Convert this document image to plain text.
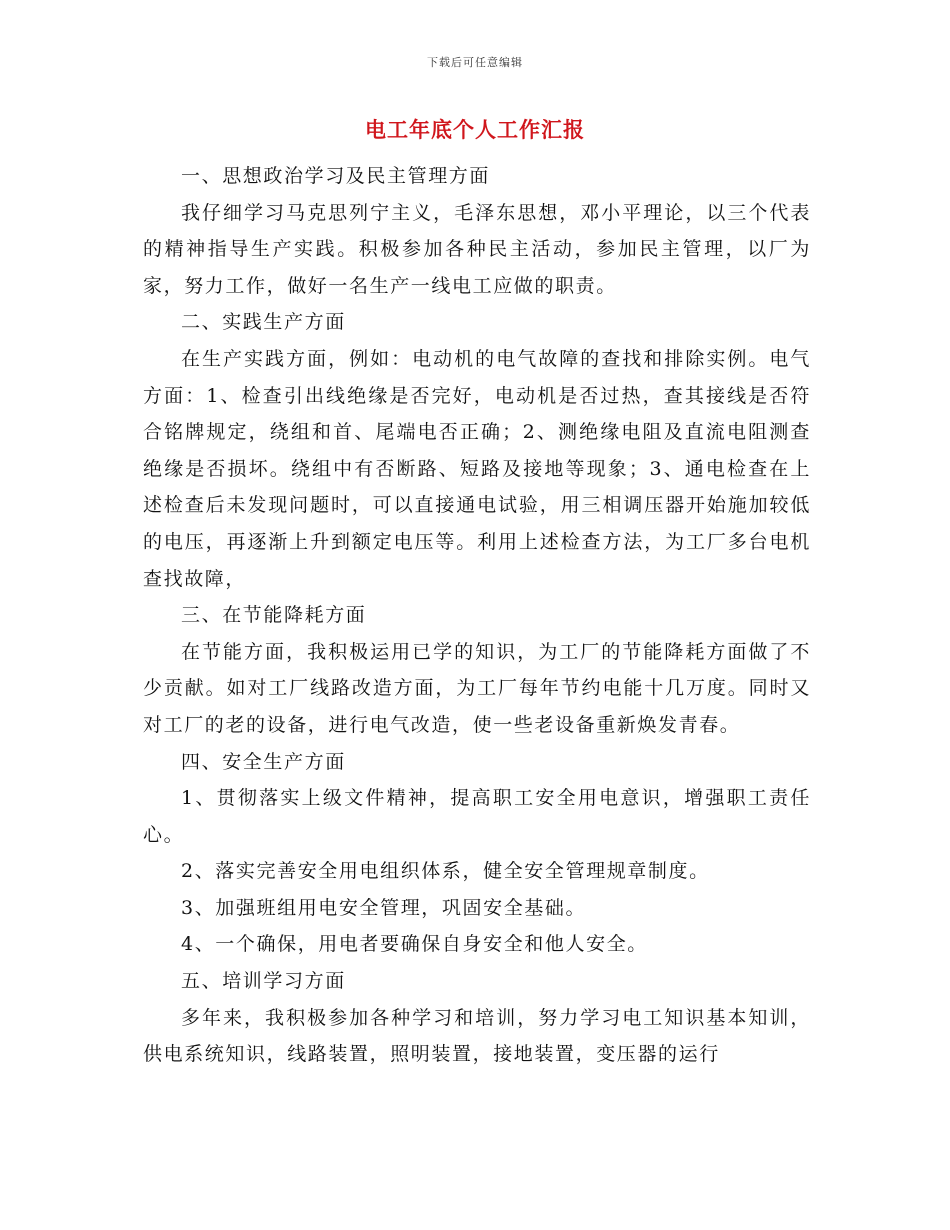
下载后可任意编辑
电工年底个人工作汇报

一、思想政治学习及民主管理方面

我仔细学习马克思列宁主义，毛泽东思想，邓小平理论，以三个代表的精神指导生产实践。积极参加各种民主活动，参加民主管理，以厂为家，努力工作，做好一名生产一线电工应做的职责。

二、实践生产方面

在生产实践方面，例如：电动机的电气故障的查找和排除实例。电气方面：1、检查引出线绝缘是否完好，电动机是否过热，查其接线是否符合铭牌规定，绕组和首、尾端电否正确；2、测绝缘电阻及直流电阻测查绝缘是否损坏。绕组中有否断路、短路及接地等现象；3、通电检查在上述检查后未发现问题时，可以直接通电试验，用三相调压器开始施加较低的电压，再逐渐上升到额定电压等。利用上述检查方法，为工厂多台电机查找故障，

三、在节能降耗方面

在节能方面，我积极运用已学的知识，为工厂的节能降耗方面做了不少贡献。如对工厂线路改造方面，为工厂每年节约电能十几万度。同时又对工厂的老的设备，进行电气改造，使一些老设备重新焕发青春。

四、安全生产方面

1、贯彻落实上级文件精神，提高职工安全用电意识，增强职工责任心。

2、落实完善安全用电组织体系，健全安全管理规章制度。

3、加强班组用电安全管理，巩固安全基础。

4、一个确保，用电者要确保自身安全和他人安全。

五、培训学习方面

多年来，我积极参加各种学习和培训，努力学习电工知识基本知训，供电系统知识，线路装置，照明装置，接地装置，变压器的运行
